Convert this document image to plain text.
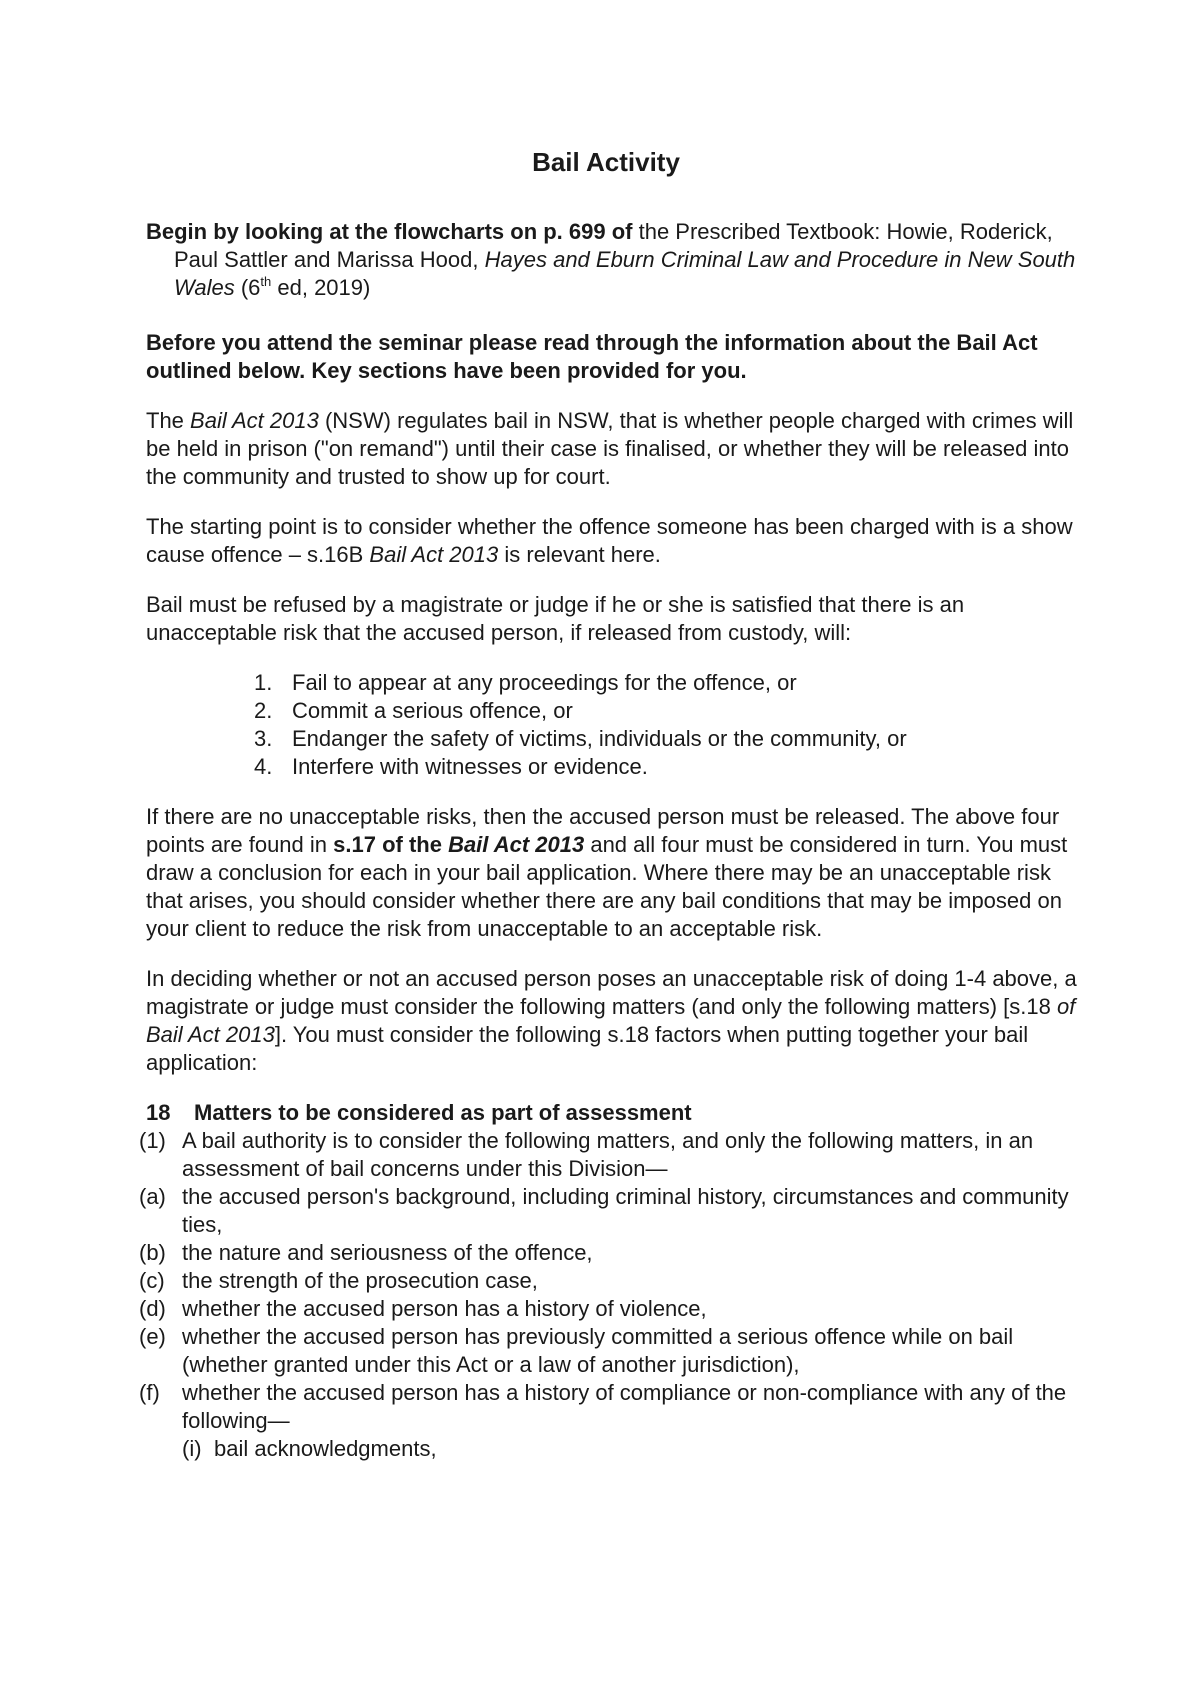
Bail Activity

Begin by looking at the flowcharts on p. 699 of the Prescribed Textbook: Howie, Roderick, Paul Sattler and Marissa Hood, Hayes and Eburn Criminal Law and Procedure in New South Wales (6th ed, 2019)

Before you attend the seminar please read through the information about the Bail Act outlined below. Key sections have been provided for you.

The Bail Act 2013 (NSW) regulates bail in NSW, that is whether people charged with crimes will be held in prison ("on remand") until their case is finalised, or whether they will be released into the community and trusted to show up for court.

The starting point is to consider whether the offence someone has been charged with is a show cause offence – s.16B Bail Act 2013 is relevant here.

Bail must be refused by a magistrate or judge if he or she is satisfied that there is an unacceptable risk that the accused person, if released from custody, will:

1. Fail to appear at any proceedings for the offence, or
2. Commit a serious offence, or
3. Endanger the safety of victims, individuals or the community, or
4. Interfere with witnesses or evidence.

If there are no unacceptable risks, then the accused person must be released. The above four points are found in s.17 of the Bail Act 2013 and all four must be considered in turn. You must draw a conclusion for each in your bail application. Where there may be an unacceptable risk that arises, you should consider whether there are any bail conditions that may be imposed on your client to reduce the risk from unacceptable to an acceptable risk.

In deciding whether or not an accused person poses an unacceptable risk of doing 1-4 above, a magistrate or judge must consider the following matters (and only the following matters) [s.18 of Bail Act 2013]. You must consider the following s.18 factors when putting together your bail application:

18 Matters to be considered as part of assessment

(1) A bail authority is to consider the following matters, and only the following matters, in an assessment of bail concerns under this Division—

(a) the accused person's background, including criminal history, circumstances and community ties,

(b) the nature and seriousness of the offence,

(c) the strength of the prosecution case,

(d) whether the accused person has a history of violence,

(e) whether the accused person has previously committed a serious offence while on bail (whether granted under this Act or a law of another jurisdiction),

(f) whether the accused person has a history of compliance or non-compliance with any of the following—

(i) bail acknowledgments,
